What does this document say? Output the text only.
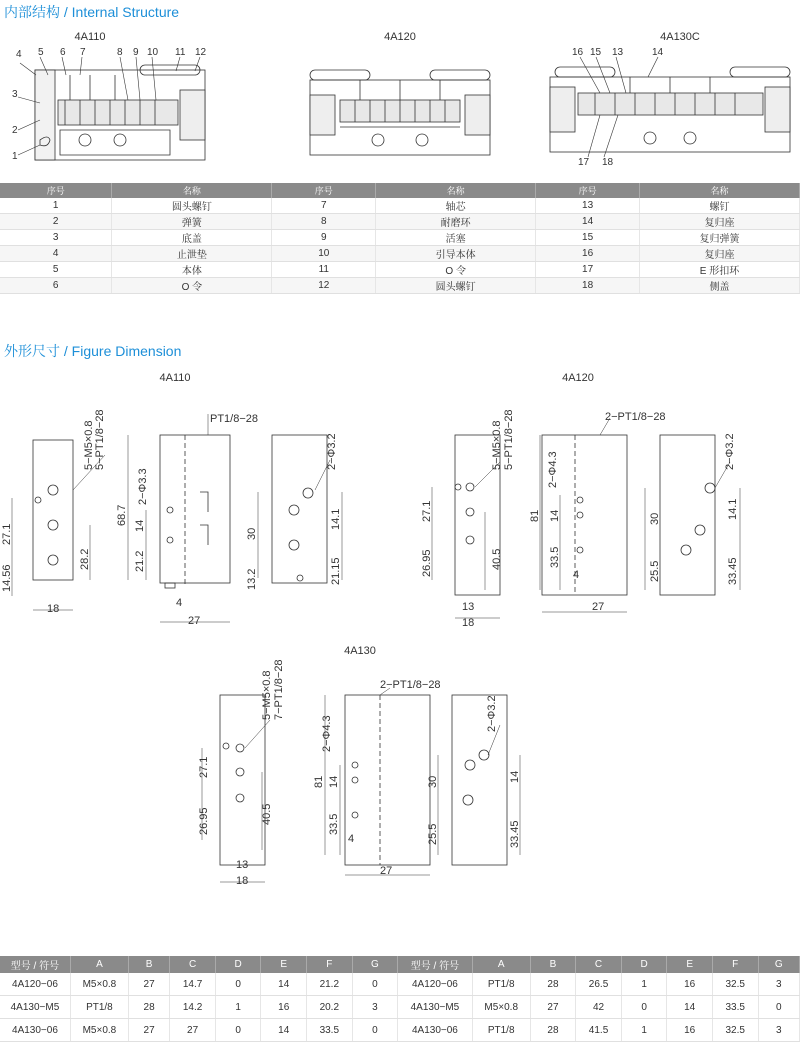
内部结构 / Internal Structure
4A110	4A120	4A130C
4 5 6 7	8 9 10 11 12
3
2
1
16 15 13	14
17 18
序号	名称	序号	名称	序号	名称
1	圆头螺钉	7	轴芯	13	螺钉
2	弹簧	8	耐磨环	14	复归座
3	底盖	9	活塞	15	复归弹簧
4	止泄垫	10	引导本体	16	复归座
5	本体	11	O 令	17	E 形扣环
6	O 令	12	圆头螺钉	18	侧盖
外形尺寸 / Figure Dimension
4A110	4A120
4A130
5−M5×0.8 5−PT1/8−28	PT1/8−28
2−Φ3.3
2−Φ3.2
27.1
14.56
28.2
18
68.7 14
21.2
4
27
30
13.2
14.1
21.15
5−M5×0.8 5−PT1/8−28	2−PT1/8−28
2−Φ4.3	2−Φ3.2
27.1
26.95	40.5
13
18
81 14
33.5
4
27
30
25.5
14.1
33.45
5−M5×0.8 7−PT1/8−28	2−PT1/8−28
2−Φ4.3
2−Φ3.2
27.1
26.95	40.5
13
18
81 14
33.5
4
27
30
25.5
14
33.45
型号 / 符号	A	B	C	D	E	F	G	型号 / 符号	A	B	C	D	E	F	G
4A120−06	M5×0.8	27	14.7	0	14	21.2	0	4A120−06	PT1/8	28	26.5	1	16	32.5	3
4A130−M5	PT1/8	28	14.2	1	16	20.2	3	4A130−M5	M5×0.8	27	42	0	14	33.5	0
4A130−06	M5×0.8	27	27	0	14	33.5	0	4A130−06	PT1/8	28	41.5	1	16	32.5	3
